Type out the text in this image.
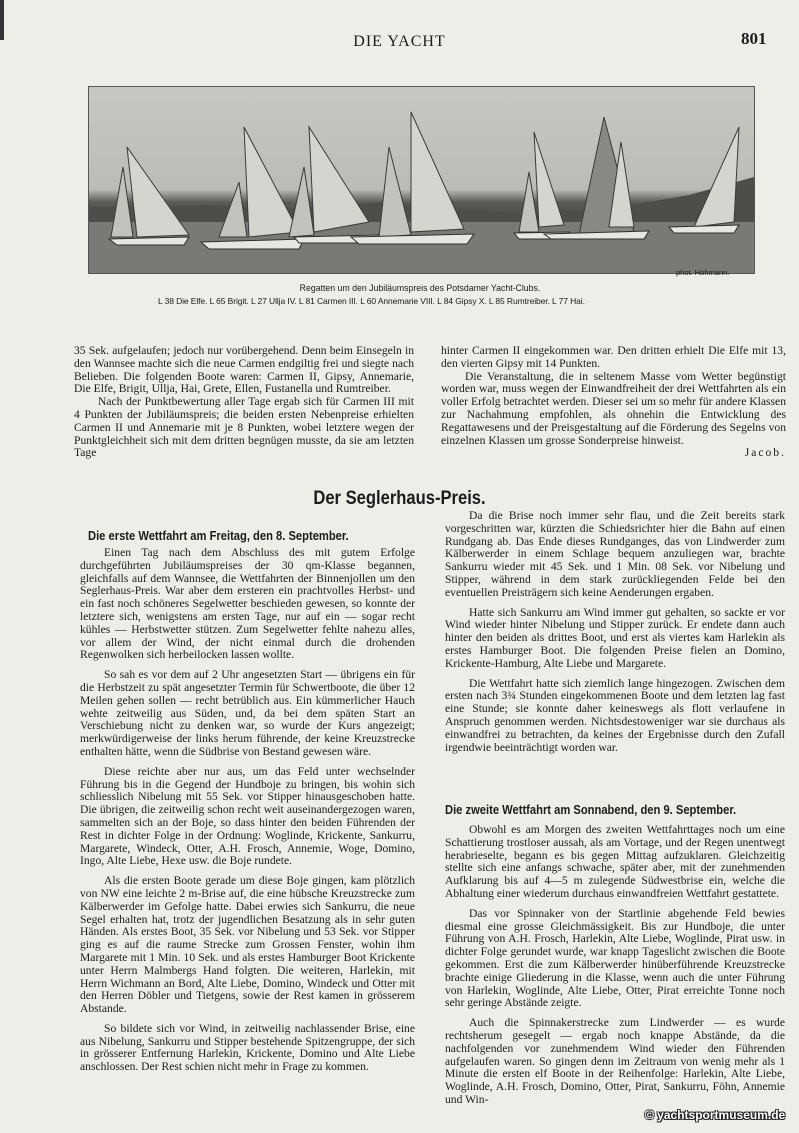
DIE YACHT	801
phot. Hohmann.
Regatten um den Jubiläumspreis des Potsdamer Yacht-Clubs.
L 38 Die Elfe. L 65 Brigit. L 27 Ullja IV. L 81 Carmen III. L 60 Annemarie VIII. L 84 Gipsy X. L 85 Rumtreiber. L 77 Hai.

35 Sek. aufgelaufen; jedoch nur vorübergehend. Denn beim Einsegeln in den Wannsee machte sich die neue Carmen endgiltig frei und siegte nach Belieben. Die folgenden Boote waren: Carmen II, Gipsy, Annemarie, Die Elfe, Brigit, Ullja, Hai, Grete, Ellen, Fustanella und Rumtreiber.

Nach der Punktbewertung aller Tage ergab sich für Carmen III mit 4 Punkten der Jubiläumspreis; die beiden ersten Nebenpreise erhielten Carmen II und Annemarie mit je 8 Punkten, wobei letztere wegen der Punktgleichheit sich mit dem dritten begnügen musste, da sie am letzten Tage

hinter Carmen II eingekommen war. Den dritten erhielt Die Elfe mit 13, den vierten Gipsy mit 14 Punkten.

Die Veranstaltung, die in seltenem Masse vom Wetter begünstigt worden war, muss wegen der Einwandfreiheit der drei Wettfahrten als ein voller Erfolg betrachtet werden. Dieser sei um so mehr für andere Klassen zur Nachahmung empfohlen, als ohnehin die Entwicklung des Regattawesens und der Preisgestaltung auf die Förderung des Segelns von einzelnen Klassen um grosse Sonderpreise hinweist.

Jacob.

Der Seglerhaus-Preis.
Die erste Wettfahrt am Freitag, den 8. September.

Einen Tag nach dem Abschluss des mit gutem Erfolge durchgeführten Jubiläumspreises der 30 qm-Klasse begannen, gleichfalls auf dem Wannsee, die Wettfahrten der Binnenjollen um den Seglerhaus-Preis. War aber dem ersteren ein prachtvolles Herbst- und ein fast noch schöneres Segelwetter beschieden gewesen, so konnte der letztere sich, wenigstens am ersten Tage, nur auf ein — sogar recht kühles — Herbstwetter stützen. Zum Segelwetter fehlte nahezu alles, vor allem der Wind, der nicht einmal durch die drohenden Regenwolken sich herbeilocken lassen wollte.

So sah es vor dem auf 2 Uhr angesetzten Start — übrigens ein für die Herbstzeit zu spät angesetzter Termin für Schwertboote, die über 12 Meilen gehen sollen — recht betrüblich aus. Ein kümmerlicher Hauch wehte zeitweilig aus Süden, und, da bei dem späten Start an Verschiebung nicht zu denken war, so wurde der Kurs angezeigt; merkwürdigerweise der links herum führende, der keine Kreuzstrecke enthalten hätte, wenn die Südbrise von Bestand gewesen wäre.

Diese reichte aber nur aus, um das Feld unter wechselnder Führung bis in die Gegend der Hundboje zu bringen, bis wohin sich schliesslich Nibelung mit 55 Sek. vor Stipper hinausgeschoben hatte. Die übrigen, die zeitweilig schon recht weit auseinandergezogen waren, sammelten sich an der Boje, so dass hinter den beiden Führenden der Rest in dichter Folge in der Ordnung: Woglinde, Krickente, Sankurru, Margarete, Windeck, Otter, A.H. Frosch, Annemie, Woge, Domino, Ingo, Alte Liebe, Hexe usw. die Boje rundete.

Als die ersten Boote gerade um diese Boje gingen, kam plötzlich von NW eine leichte 2 m-Brise auf, die eine hübsche Kreuzstrecke zum Kälberwerder im Gefolge hatte. Dabei erwies sich Sankurru, die neue Segel erhalten hat, trotz der jugendlichen Besatzung als in sehr guten Händen. Als erstes Boot, 35 Sek. vor Nibelung und 53 Sek. vor Stipper ging es auf die raume Strecke zum Grossen Fenster, wohin ihm Margarete mit 1 Min. 10 Sek. und als erstes Hamburger Boot Krickente unter Herrn Malmbergs Hand folgten. Die weiteren, Harlekin, mit Herrn Wichmann an Bord, Alte Liebe, Domino, Windeck und Otter mit den Herren Döbler und Tietgens, sowie der Rest kamen in grösserem Abstande.

So bildete sich vor Wind, in zeitweilig nachlassender Brise, eine aus Nibelung, Sankurru und Stipper bestehende Spitzengruppe, der sich in grösserer Entfernung Harlekin, Krickente, Domino und Alte Liebe anschlossen. Der Rest schien nicht mehr in Frage zu kommen.

Da die Brise noch immer sehr flau, und die Zeit bereits stark vorgeschritten war, kürzten die Schiedsrichter hier die Bahn auf einen Rundgang ab. Das Ende dieses Rundganges, das von Lindwerder zum Kälberwerder in einem Schlage bequem anzuliegen war, brachte Sankurru wieder mit 45 Sek. und 1 Min. 08 Sek. vor Nibelung und Stipper, während in dem stark zurückliegenden Felde bei den eventuellen Preisträgern sich keine Aenderungen ergaben.

Hatte sich Sankurru am Wind immer gut gehalten, so sackte er vor Wind wieder hinter Nibelung und Stipper zurück. Er endete dann auch hinter den beiden als drittes Boot, und erst als viertes kam Harlekin als erstes Hamburger Boot. Die folgenden Preise fielen an Domino, Krickente-Hamburg, Alte Liebe und Margarete.

Die Wettfahrt hatte sich ziemlich lange hingezogen. Zwischen dem ersten nach 3¾ Stunden eingekommenen Boote und dem letzten lag fast eine Stunde; sie konnte daher keineswegs als flott verlaufene in Anspruch genommen werden. Nichtsdestoweniger war sie durchaus als einwandfrei zu betrachten, da keines der Ergebnisse durch den Zufall irgendwie beeinträchtigt worden war.

Die zweite Wettfahrt am Sonnabend, den 9. September.

Obwohl es am Morgen des zweiten Wettfahrttages noch um eine Schattierung trostloser aussah, als am Vortage, und der Regen unentwegt herabrieselte, begann es bis gegen Mittag aufzuklaren. Gleichzeitig stellte sich eine anfangs schwache, später aber, mit der zunehmenden Aufklarung bis auf 4—5 m zulegende Südwestbrise ein, welche die Abhaltung einer wiederum durchaus einwandfreien Wettfahrt gestattete.

Das vor Spinnaker von der Startlinie abgehende Feld bewies diesmal eine grosse Gleichmässigkeit. Bis zur Hundboje, die unter Führung von A.H. Frosch, Harlekin, Alte Liebe, Woglinde, Pirat usw. in dichter Folge gerundet wurde, war knapp Tageslicht zwischen die Boote gekommen. Erst die zum Kälberwerder hinüberführende Kreuzstrecke brachte einige Gliederung in die Klasse, wenn auch die unter Führung von Harlekin, Woglinde, Alte Liebe, Otter, Pirat erreichte Tonne noch sehr geringe Abstände zeigte.

Auch die Spinnakerstrecke zum Lindwerder — es wurde rechtsherum gesegelt — ergab noch knappe Abstände, da die nachfolgenden vor zunehmendem Wind wieder den Führenden aufgelaufen waren. So gingen denn im Zeitraum von wenig mehr als 1 Minute die ersten elf Boote in der Reihenfolge: Harlekin, Alte Liebe, Woglinde, A.H. Frosch, Domino, Otter, Pirat, Sankurru, Föhn, Annemie und Win-

© yachtsportmuseum.de
